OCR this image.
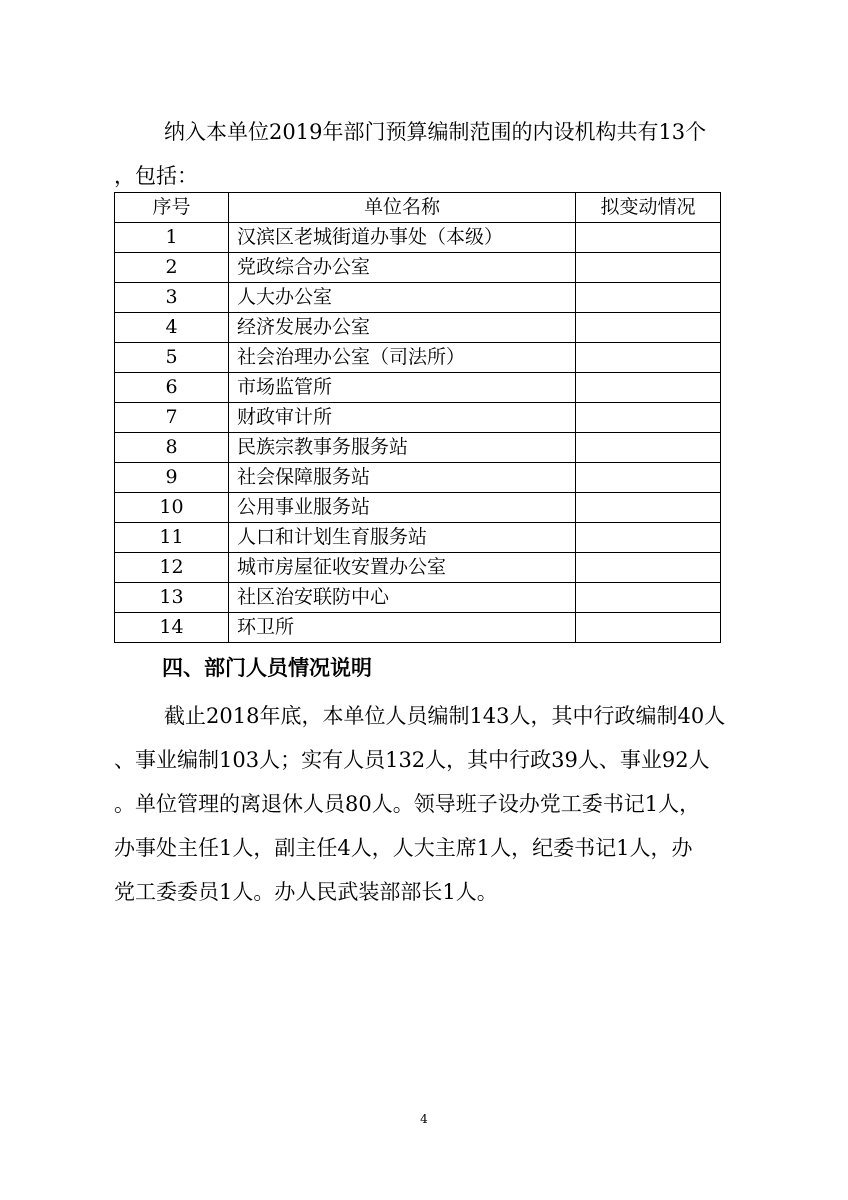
纳入本单位2019年部门预算编制范围的内设机构共有13个
，包括：
序号	单位名称	拟变动情况
1	汉滨区老城街道办事处（本级）	
2	党政综合办公室	
3	人大办公室	
4	经济发展办公室	
5	社会治理办公室（司法所）	
6	市场监管所	
7	财政审计所	
8	民族宗教事务服务站	
9	社会保障服务站	
10	公用事业服务站	
11	人口和计划生育服务站	
12	城市房屋征收安置办公室	
13	社区治安联防中心	
14	环卫所	
四、部门人员情况说明
截止2018年底，本单位人员编制143人，其中行政编制40人
、事业编制103人；实有人员132人，其中行政39人、事业92人
。单位管理的离退休人员80人。领导班子设办党工委书记1人，
办事处主任1人，副主任4人，人大主席1人，纪委书记1人，办
党工委委员1人。办人民武装部部长1人。
4
